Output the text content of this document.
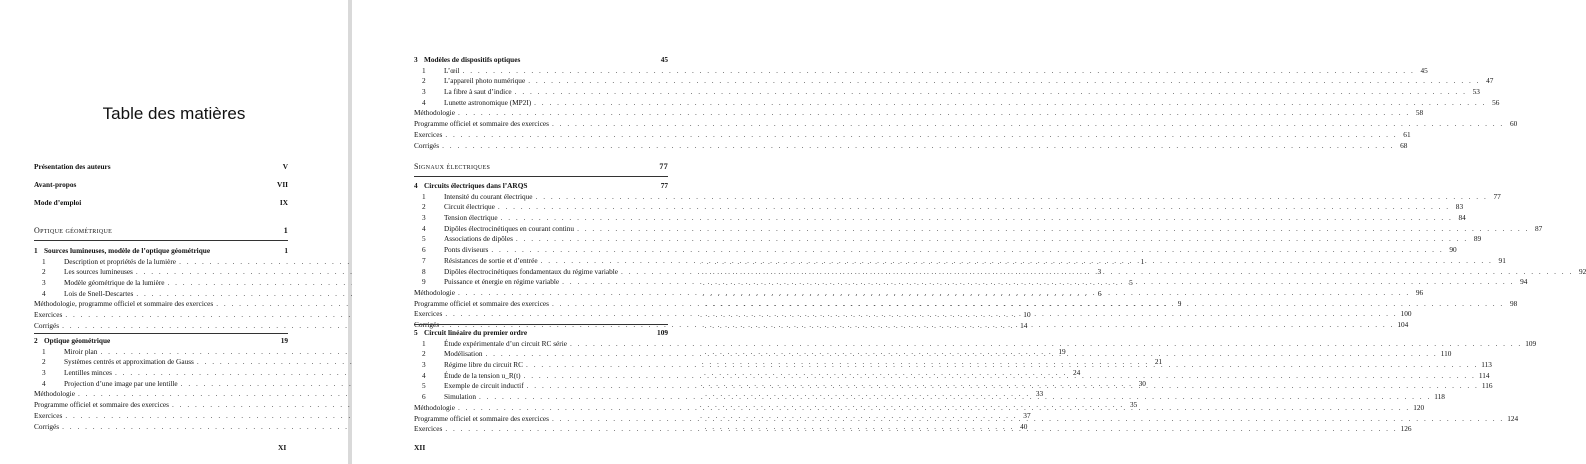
Table des matières
Présentation des auteurs	V
Avant-propos	VII
Mode d’emploi	IX
Optique géométrique	1
1 Sources lumineuses, modèle de l’optique géométrique	1
1	Description et propriétés de la lumière . . .	1
2	Les sources lumineuses . . .	3
3	Modèle géométrique de la lumière . . .	5
4	Lois de Snell-Descartes . . .	6
Méthodologie, programme officiel et sommaire des exercices . . .	9
Exercices . . .	10
Corrigés . . .	14
2 Optique géométrique	19
1	Miroir plan . . .	19
2	Systèmes centrés et approximation de Gauss . . .	21
3	Lentilles minces . . .	24
4	Projection d’une image par une lentille . . .	30
Méthodologie . . .	33
Programme officiel et sommaire des exercices . . .	35
Exercices . . .	37
Corrigés . . .	40
XI
3 Modèles de dispositifs optiques	45
1	L’œil . . .	45
2	L’appareil photo numérique . . .	47
3	La fibre à saut d’indice . . .	53
4	Lunette astronomique (MP2I) . . .	56
Méthodologie . . .	58
Programme officiel et sommaire des exercices . . .	60
Exercices . . .	61
Corrigés . . .	68
Signaux électriques	77
4 Circuits électriques dans l’ARQS	77
1	Intensité du courant électrique . . .	77
2	Circuit électrique . . .	83
3	Tension électrique . . .	84
4	Dipôles électrocinétiques en courant continu . . .	87
5	Associations de dipôles . . .	89
6	Ponts diviseurs . . .	90
7	Résistances de sortie et d’entrée . . .	91
8	Dipôles électrocinétiques fondamentaux du régime variable . . .	92
9	Puissance et énergie en régime variable . . .	94
Méthodologie . . .	96
Programme officiel et sommaire des exercices . . .	98
Exercices . . .	100
Corrigés . . .	104
5 Circuit linéaire du premier ordre	109
1	Étude expérimentale d’un circuit RC série . . .	109
2	Modélisation . . .	110
3	Régime libre du circuit RC . . .	113
4	Étude de la tension u_R(t) . . .	114
5	Exemple de circuit inductif . . .	116
6	Simulation . . .	118
Méthodologie . . .	120
Programme officiel et sommaire des exercices . . .	124
Exercices . . .	126
XII
